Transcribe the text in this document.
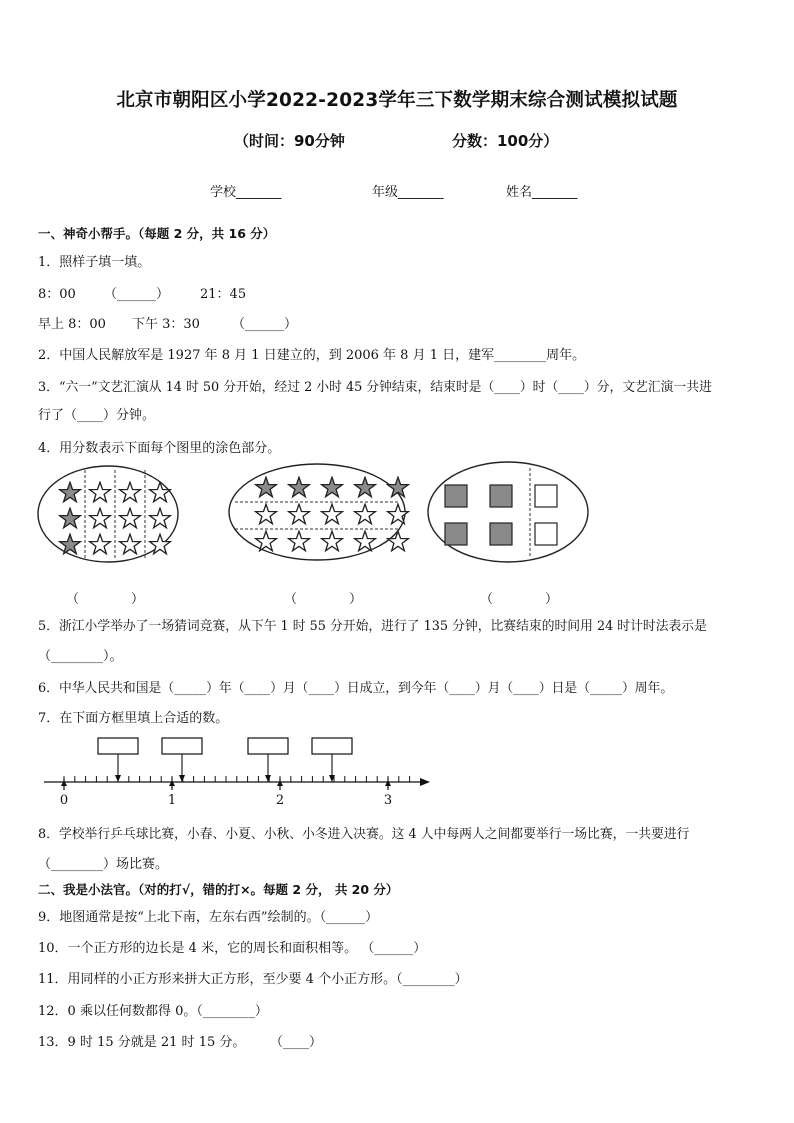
北京市朝阳区小学2022-2023学年三下数学期末综合测试模拟试题
（时间：90分钟	分数：100分）
学校_______	年级_______	姓名_______
一、神奇小帮手。（每题 2 分，共 16 分）
1．照样子填一填。
8：00 （______） 21：45
早上 8：00 下午 3：30 （______）
2．中国人民解放军是 1927 年 8 月 1 日建立的，到 2006 年 8 月 1 日，建军________周年。
3．“六一”文艺汇演从 14 时 50 分开始，经过 2 小时 45 分钟结束，结束时是（____）时（____）分，文艺汇演一共进
行了（____）分钟。
4．用分数表示下面每个图里的涂色部分。
（　　　　）	（　　　　）	（　　　　）
5．浙江小学举办了一场猜词竞赛，从下午 1 时 55 分开始，进行了 135 分钟，比赛结束的时间用 24 时计时法表示是
（________）。
6．中华人民共和国是（_____）年（____）月（____）日成立，到今年（____）月（____）日是（_____）周年。
7．在下面方框里填上合适的数。
0	1	2	3
8．学校举行乒乓球比赛，小春、小夏、小秋、小冬进入决赛。这 4 人中每两人之间都要举行一场比赛，一共要进行
（________）场比赛。
二、我是小法官。（对的打√，错的打×。每题 2 分， 共 20 分）
9．地图通常是按“上北下南，左东右西”绘制的。（______）
10．一个正方形的边长是 4 米，它的周长和面积相等。 （______）
11．用同样的小正方形来拼大正方形，至少要 4 个小正方形。（________）
12．0 乘以任何数都得 0。（________）
13．9 时 15 分就是 21 时 15 分。 （____）
